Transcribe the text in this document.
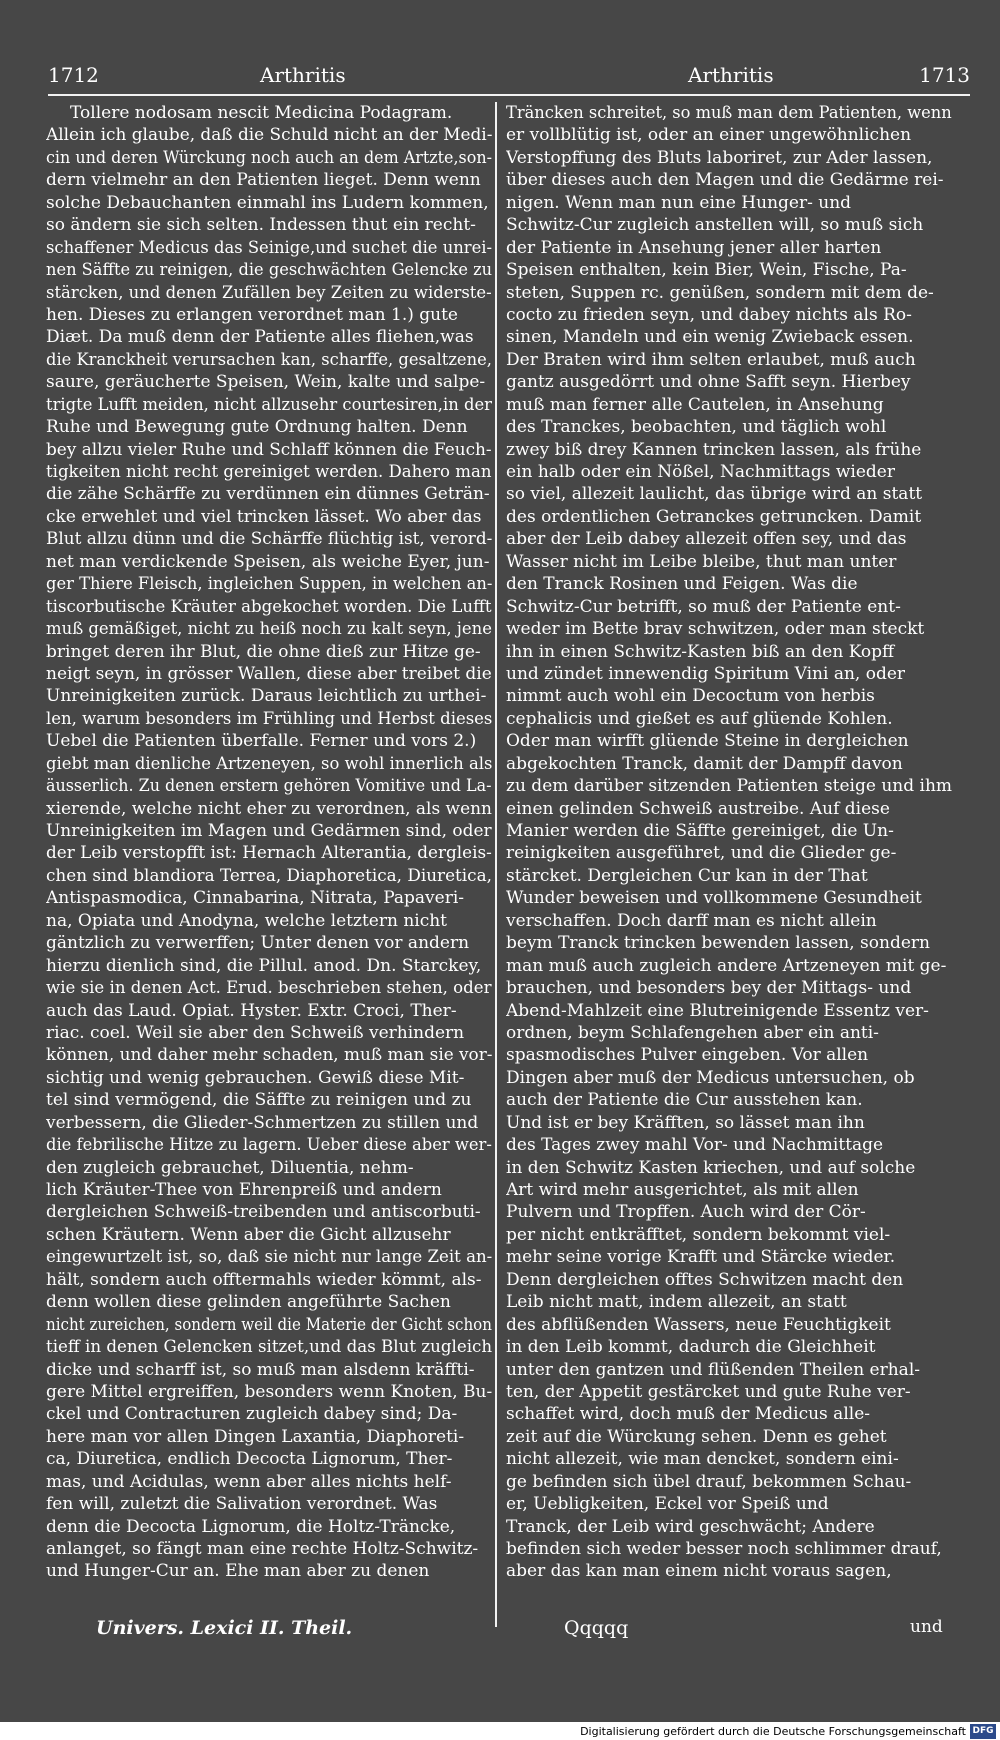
1712	Arthritis	Arthritis	1713
Tollere nodosam nescit Medicina Podagram.
Allein ich glaube, daß die Schuld nicht an der Medi-
cin und deren Würckung noch auch an dem Artzte,son-
dern vielmehr an den Patienten lieget. Denn wenn
solche Debauchanten einmahl ins Ludern kommen,
so ändern sie sich selten. Indessen thut ein recht-
schaffener Medicus das Seinige,und suchet die unrei-
nen Säffte zu reinigen, die geschwächten Gelencke zu
stärcken, und denen Zufällen bey Zeiten zu widerste-
hen. Dieses zu erlangen verordnet man 1.) gute
Diæt. Da muß denn der Patiente alles fliehen,was
die Kranckheit verursachen kan, scharffe, gesaltzene,
saure, geräucherte Speisen, Wein, kalte und salpe-
trigte Lufft meiden, nicht allzusehr courtesiren,in der
Ruhe und Bewegung gute Ordnung halten. Denn
bey allzu vieler Ruhe und Schlaff können die Feuch-
tigkeiten nicht recht gereiniget werden. Dahero man
die zähe Schärffe zu verdünnen ein dünnes Geträn-
cke erwehlet und viel trincken lässet. Wo aber das
Blut allzu dünn und die Schärffe flüchtig ist, verord-
net man verdickende Speisen, als weiche Eyer, jun-
ger Thiere Fleisch, ingleichen Suppen, in welchen an-
tiscorbutische Kräuter abgekochet worden. Die Lufft
muß gemäßiget, nicht zu heiß noch zu kalt seyn, jene
bringet deren ihr Blut, die ohne dieß zur Hitze ge-
neigt seyn, in grösser Wallen, diese aber treibet die
Unreinigkeiten zurück. Daraus leichtlich zu urthei-
len, warum besonders im Frühling und Herbst dieses
Uebel die Patienten überfalle. Ferner und vors 2.)
giebt man dienliche Artzeneyen, so wohl innerlich als
äusserlich. Zu denen erstern gehören Vomitive und La-
xierende, welche nicht eher zu verordnen, als wenn
Unreinigkeiten im Magen und Gedärmen sind, oder
der Leib verstopfft ist: Hernach Alterantia, dergleis-
chen sind blandiora Terrea, Diaphoretica, Diuretica,
Antispasmodica, Cinnabarina, Nitrata, Papaveri-
na, Opiata und Anodyna, welche letztern nicht
gäntzlich zu verwerffen; Unter denen vor andern
hierzu dienlich sind, die Pillul. anod. Dn. Starckey,
wie sie in denen Act. Erud. beschrieben stehen, oder
auch das Laud. Opiat. Hyster. Extr. Croci, Ther-
riac. coel. Weil sie aber den Schweiß verhindern
können, und daher mehr schaden, muß man sie vor-
sichtig und wenig gebrauchen. Gewiß diese Mit-
tel sind vermögend, die Säffte zu reinigen und zu
verbessern, die Glieder-Schmertzen zu stillen und
die febrilische Hitze zu lagern. Ueber diese aber wer-
den zugleich gebrauchet, Diluentia, nehm-
lich Kräuter-Thee von Ehrenpreiß und andern
dergleichen Schweiß-treibenden und antiscorbuti-
schen Kräutern. Wenn aber die Gicht allzusehr
eingewurtzelt ist, so, daß sie nicht nur lange Zeit an-
hält, sondern auch offtermahls wieder kömmt, als-
denn wollen diese gelinden angeführte Sachen
nicht zureichen, sondern weil die Materie der Gicht schon
tieff in denen Gelencken sitzet,und das Blut zugleich
dicke und scharff ist, so muß man alsdenn kräffti-
gere Mittel ergreiffen, besonders wenn Knoten, Bu-
ckel und Contracturen zugleich dabey sind; Da-
here man vor allen Dingen Laxantia, Diaphoreti-
ca, Diuretica, endlich Decocta Lignorum, Ther-
mas, und Acidulas, wenn aber alles nichts helf-
fen will, zuletzt die Salivation verordnet. Was
denn die Decocta Lignorum, die Holtz-Träncke,
anlanget, so fängt man eine rechte Holtz-Schwitz-
und Hunger-Cur an. Ehe man aber zu denen
Träncken schreitet, so muß man dem Patienten, wenn
er vollblütig ist, oder an einer ungewöhnlichen
Verstopffung des Bluts laboriret, zur Ader lassen,
über dieses auch den Magen und die Gedärme rei-
nigen. Wenn man nun eine Hunger- und
Schwitz-Cur zugleich anstellen will, so muß sich
der Patiente in Ansehung jener aller harten
Speisen enthalten, kein Bier, Wein, Fische, Pa-
steten, Suppen rc. genüßen, sondern mit dem de-
cocto zu frieden seyn, und dabey nichts als Ro-
sinen, Mandeln und ein wenig Zwieback essen.
Der Braten wird ihm selten erlaubet, muß auch
gantz ausgedörrt und ohne Safft seyn. Hierbey
muß man ferner alle Cautelen, in Ansehung
des Tranckes, beobachten, und täglich wohl
zwey biß drey Kannen trincken lassen, als frühe
ein halb oder ein Nößel, Nachmittags wieder
so viel, allezeit laulicht, das übrige wird an statt
des ordentlichen Getranckes getruncken. Damit
aber der Leib dabey allezeit offen sey, und das
Wasser nicht im Leibe bleibe, thut man unter
den Tranck Rosinen und Feigen. Was die
Schwitz-Cur betrifft, so muß der Patiente ent-
weder im Bette brav schwitzen, oder man steckt
ihn in einen Schwitz-Kasten biß an den Kopff
und zündet innewendig Spiritum Vini an, oder
nimmt auch wohl ein Decoctum von herbis
cephalicis und gießet es auf glüende Kohlen.
Oder man wirfft glüende Steine in dergleichen
abgekochten Tranck, damit der Dampff davon
zu dem darüber sitzenden Patienten steige und ihm
einen gelinden Schweiß austreibe. Auf diese
Manier werden die Säffte gereiniget, die Un-
reinigkeiten ausgeführet, und die Glieder ge-
stärcket. Dergleichen Cur kan in der That
Wunder beweisen und vollkommene Gesundheit
verschaffen. Doch darff man es nicht allein
beym Tranck trincken bewenden lassen, sondern
man muß auch zugleich andere Artzeneyen mit ge-
brauchen, und besonders bey der Mittags- und
Abend-Mahlzeit eine Blutreinigende Essentz ver-
ordnen, beym Schlafengehen aber ein anti-
spasmodisches Pulver eingeben. Vor allen
Dingen aber muß der Medicus untersuchen, ob
auch der Patiente die Cur ausstehen kan.
Und ist er bey Kräfften, so lässet man ihn
des Tages zwey mahl Vor- und Nachmittage
in den Schwitz Kasten kriechen, und auf solche
Art wird mehr ausgerichtet, als mit allen
Pulvern und Tropffen. Auch wird der Cör-
per nicht entkräfftet, sondern bekommt viel-
mehr seine vorige Krafft und Stärcke wieder.
Denn dergleichen offtes Schwitzen macht den
Leib nicht matt, indem allezeit, an statt
des abflüßenden Wassers, neue Feuchtigkeit
in den Leib kommt, dadurch die Gleichheit
unter den gantzen und flüßenden Theilen erhal-
ten, der Appetit gestärcket und gute Ruhe ver-
schaffet wird, doch muß der Medicus alle-
zeit auf die Würckung sehen. Denn es gehet
nicht allezeit, wie man dencket, sondern eini-
ge befinden sich übel drauf, bekommen Schau-
er, Uebligkeiten, Eckel vor Speiß und
Tranck, der Leib wird geschwächt; Andere
befinden sich weder besser noch schlimmer drauf,
aber das kan man einem nicht voraus sagen,
Univers. Lexici II. Theil.	Qqqqq	und
Digitalisierung gefördert durch die Deutsche Forschungsgemeinschaft DFG
